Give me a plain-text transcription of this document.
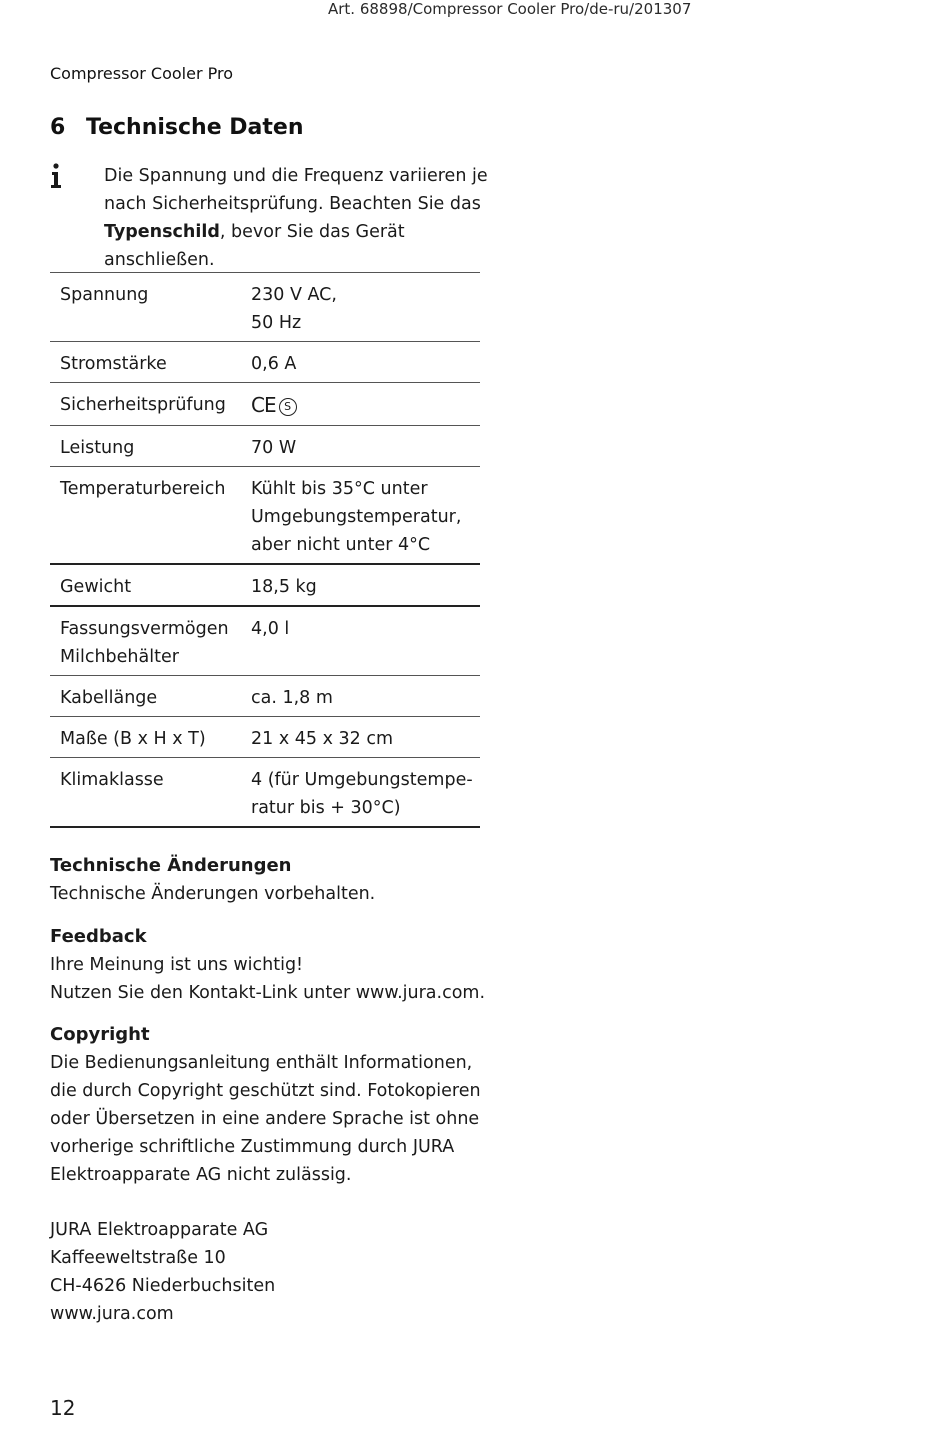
Art. 68898/Compressor Cooler Pro/de-ru/201307
Compressor Cooler Pro
6 Technische Daten
Die Spannung und die Frequenz variieren je nach Sicherheitsprüfung. Beachten Sie das Typenschild, bevor Sie das Gerät anschließen.
Spannung	230 V AC,
50 Hz
Stromstärke	0,6 A
Sicherheitsprüfung	CE S
Leistung	70 W
Temperaturbereich	Kühlt bis 35°C unter
Umgebungstemperatur,
aber nicht unter 4°C
Gewicht	18,5 kg
Fassungsvermögen
Milchbehälter	4,0 l
Kabellänge	ca. 1,8 m
Maße (B x H x T)	21 x 45 x 32 cm
Klimaklasse	4 (für Umgebungstempe-
ratur bis + 30°C)
Technische Änderungen

Technische Änderungen vorbehalten.

Feedback

Ihre Meinung ist uns wichtig!

Nutzen Sie den Kontakt-Link unter www.jura.com.

Copyright

Die Bedienungsanleitung enthält Informationen,

die durch Copyright geschützt sind. Fotokopieren

oder Übersetzen in eine andere Sprache ist ohne

vorherige schriftliche Zustimmung durch JURA

Elektroapparate AG nicht zulässig.

JURA Elektroapparate AG

Kaffeeweltstraße 10

CH-4626 Niederbuchsiten

www.jura.com

12
